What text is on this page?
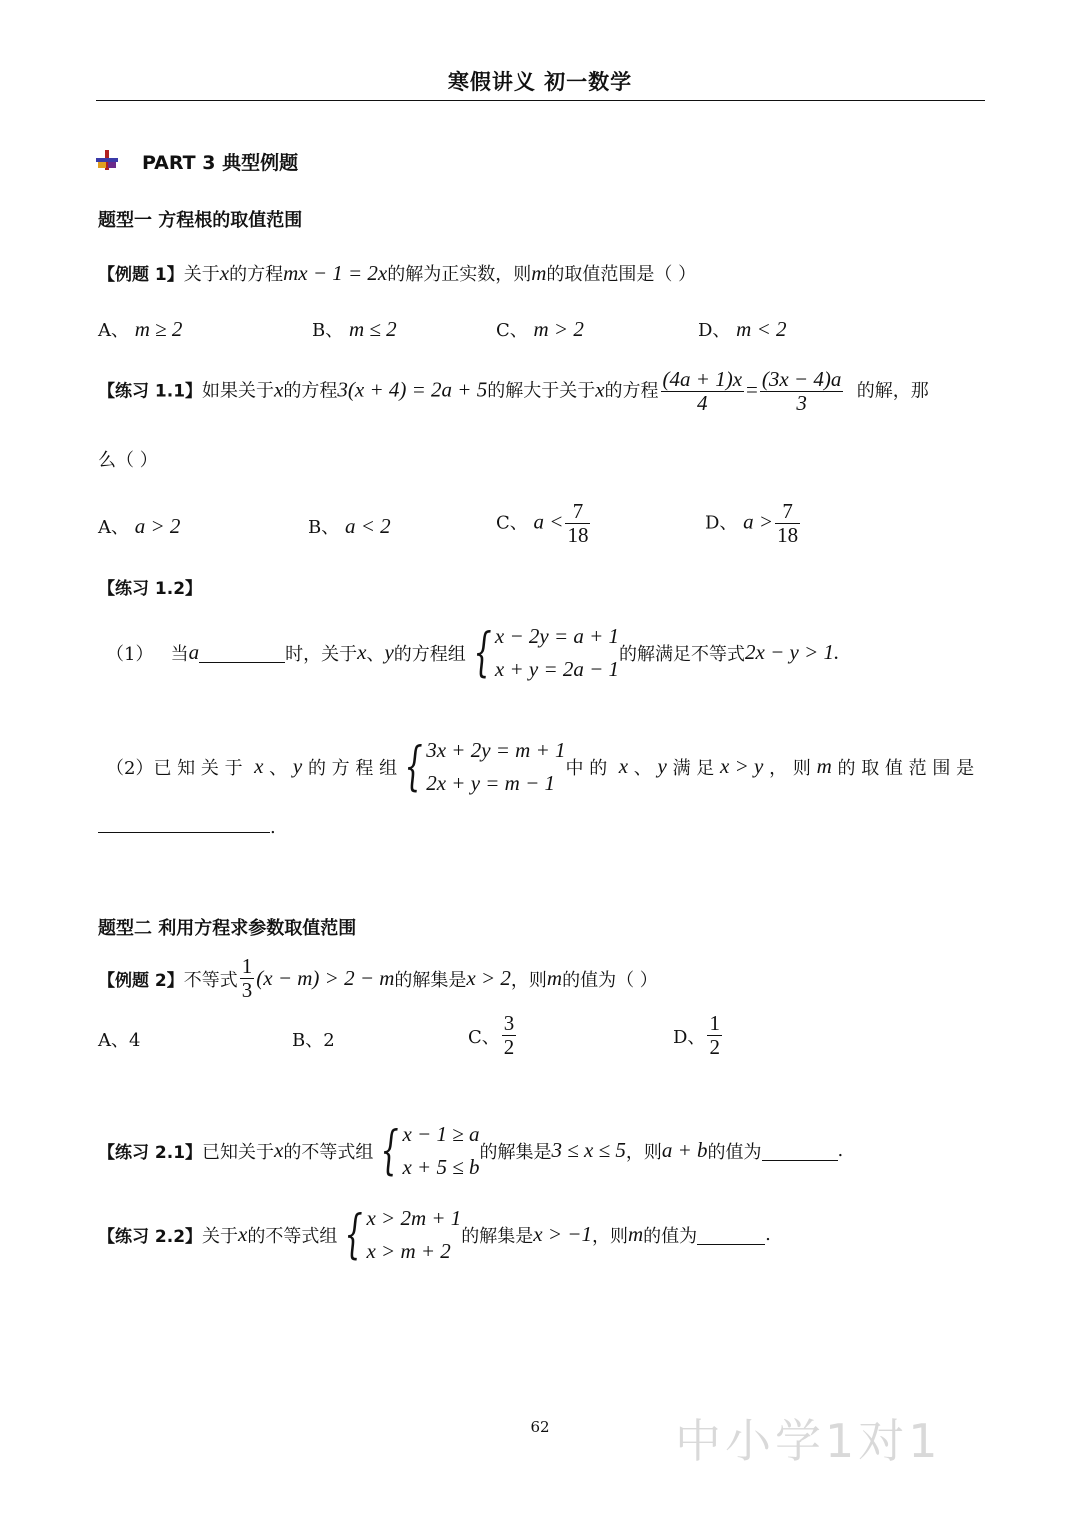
寒假讲义 初一数学
PART 3 典型例题
题型一 方程根的取值范围
【例题 1】关于x的方程mx − 1 = 2x的解为正实数，则m的取值范围是（ ）
A、 m ≥ 2	B、 m ≤ 2	C、 m > 2	D、 m < 2
【练习 1.1】如果关于x的方程3(x + 4) = 2a + 5的解大于关于x的方程 $\frac{(4a + 1)x}{4} = \frac{(3x - 4)a}{3}$ 的解，那
么（ ）
A、 a > 2	B、 a < 2	C、 $a < \frac{7}{18}$	D、 $a > \frac{7}{18}$
【练习 1.2】
（1）
当 a	时，关于 x 、 y 的方程组 { x − 2y = a + 1
x + y = 2a − 1
的解满足不等式 2x − y > 1.
（2） 已 知 关 于
x
、
y
的 方 程 组 { 3x + 2y = m + 1
2x + y = m − 1
中 的
x
、
y
满 足
x > y
， 则
m
的 取 值 范 围 是
.
题型二 利用方程求参数取值范围
【例题 2】 不等式 $\frac{1}{3} (x - m) > 2 - m$ 的解集是 x > 2 ，则 m 的值为（ ）
A、4	B、2	C、 $\frac{3}{2}$	D、 $\frac{1}{2}$
【练习 2.1】 已知关于 x 的不等式组 { x − 1 ≥ a
x + 5 ≤ b
的解集是 3 ≤ x ≤ 5 ，则 a + b 的值为	.
【练习 2.2】 关于 x 的不等式组 { x > 2m + 1
x > m + 2
的解集是 x > −1 ，则 m 的值为	.
62	中小学1对1
